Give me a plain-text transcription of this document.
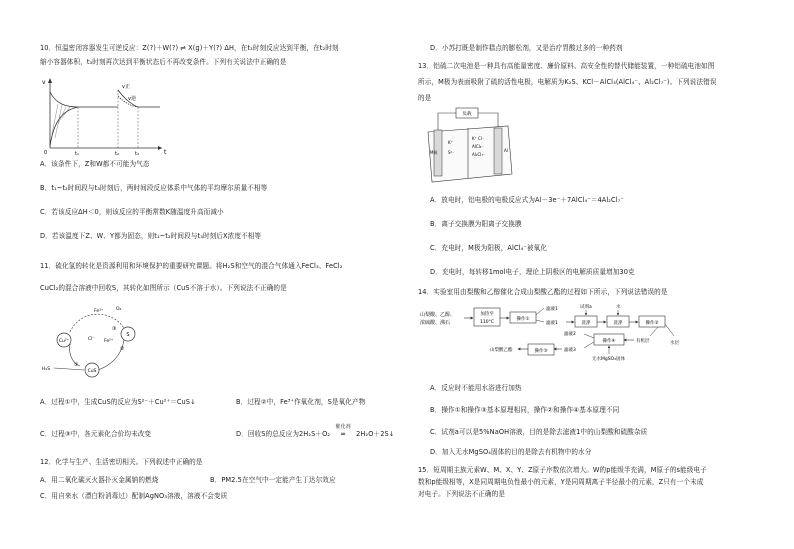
10．恒温密闭容器发生可逆反应：Z(?)＋W(?) ⇌ X(g)＋Y(?) ΔH，在t₁时刻反应达到平衡，在t₂时刻
缩小容器体积，t₃时刻再次达到平衡状态后不再改变条件。下列有关说法中正确的是
v
t
0
v正
v逆
t₁	t₂	t₃
A．该条件下，Z和W都不可能为气态
B．t₁~t₂时间段与t₃时刻后，两时间段反应体系中气体的平均摩尔质量不相等
C．若该反应ΔH＜0，则该反应的平衡常数K随温度升高而减小
D．若该温度下Z、W、Y都为固态，则t₁~t₂时间段与t₃时刻后X浓度不相等
11．硫化氢的转化是资源利用和环境保护的重要研究课题。将H₂S和空气的混合气体通入FeCl₃、FeCl₂
CuCl₂的混合溶液中回收S，其转化如图所示（CuS不溶于水）。下列说法不正确的是
Cu²⁺
CuS
S
Fe³⁺	O₂
Fe²⁺
Cl⁻
H₂S
①
②
③
A．过程①中，生成CuS的反应为S²⁻＋Cu²⁺＝CuS↓	B．过程②中，Fe³⁺作氧化剂，S是氧化产物
C．过程③中，各元素化合价均未改变	D．回收S的总反应为2H₂S＋O₂
催化剂
═ 2H₂O＋2S↓
12．化学与生产、生活密切相关。下列叙述中正确的是
A．用二氧化碳灭火器扑灭金属钠的燃烧	B．PM2.5在空气中一定能产生丁达尔效应
C．用自来水（漂白粉消毒过）配制AgNO₃溶液，溶液不会变质
D．小苏打既是制作糕点的膨松剂，又是治疗胃酸过多的一种药剂
13．铝硫二次电池是一种具有高能量密度、廉价原料、高安全性的替代储能装置，一种铝硫电池如图
所示，M极为表面吸附了硫的活性电极，电解质为K₂S、KCl－AlCl₃(AlCl₄⁻、Al₂Cl₇⁻)。下列说法错误
的是
负载
M极	Al
K⁺
S²⁻
K⁺ Cl⁻
AlCl₄⁻
Al₂Cl₇⁻
A．放电时，铝电极的电极反应式为Al－3e⁻＋7AlCl₄⁻＝4Al₂Cl₇⁻
B．离子交换膜为阳离子交换膜
C．充电时，M极为阳极，AlCl₄⁻被氧化
D．充电时，每转移1mol电子，理论上阴极区的电解质质量增加30克
14．实验室用由梨酸和乙醇催化合成山梨酸乙酯的过程如下所示，下列说法错误的是
山梨酸、乙醇、
浓硫酸、沸石
加热至
110°C
操作①
滤液1
滤液1
试剂a
洗涤
水
洗涤	操作②
水层
有机层
操作④
无水MgSO₄固体
滤液2
滤液3
操作③
山梨酸乙酯
A．反应时不能用水浴进行加热
B．操作①和操作③基本原理相同，操作②和操作④基本原理不同
C．试剂a可以是5%NaOH溶液，目的是除去滤液1中的山梨酸和硫酸杂质
D．加入无水MgSO₄固体的目的是除去有机物中的水分
15．短周期主族元素W、M、X、Y、Z原子序数依次增大。W的p能级半充满，M原子的s能级电子
数和p能级相等，X是同周期电负性最小的元素，Y是同周期离子半径最小的元素，Z只有一个未成
对电子。下列说法不正确的是
